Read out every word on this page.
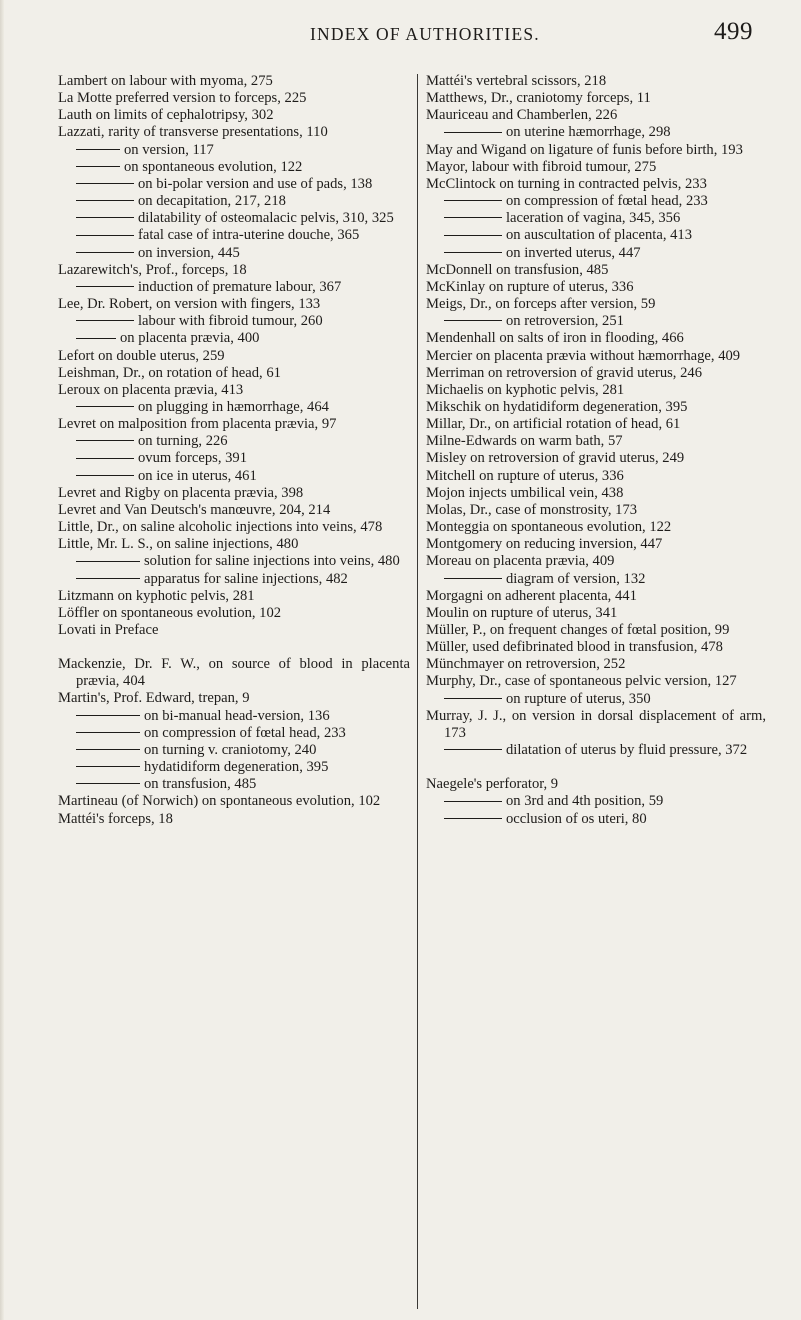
INDEX OF AUTHORITIES.	499
Lambert on labour with myoma, 275
La Motte preferred version to forceps, 225
Lauth on limits of cephalotripsy, 302
Lazzati, rarity of transverse presentations, 110
on version, 117
on spontaneous evolution, 122
on bi-polar version and use of pads, 138
on decapitation, 217, 218
dilatability of osteomalacic pelvis, 310, 325
fatal case of intra-uterine douche, 365
on inversion, 445
Lazarewitch's, Prof., forceps, 18
induction of premature labour, 367
Lee, Dr. Robert, on version with fingers, 133
labour with fibroid tumour, 260
on placenta prævia, 400
Lefort on double uterus, 259
Leishman, Dr., on rotation of head, 61
Leroux on placenta prævia, 413
on plugging in hæmorrhage, 464
Levret on malposition from placenta prævia, 97
on turning, 226
ovum forceps, 391
on ice in uterus, 461
Levret and Rigby on placenta prævia, 398
Levret and Van Deutsch's manœuvre, 204, 214
Little, Dr., on saline alcoholic injections into veins, 478
Little, Mr. L. S., on saline injections, 480
solution for saline injections into veins, 480
apparatus for saline injections, 482
Litzmann on kyphotic pelvis, 281
Löffler on spontaneous evolution, 102
Lovati in Preface
Mackenzie, Dr. F. W., on source of blood in placenta prævia, 404
Martin's, Prof. Edward, trepan, 9
on bi-manual head-version, 136
on compression of fœtal head, 233
on turning v. craniotomy, 240
hydatidiform degeneration, 395
on transfusion, 485
Martineau (of Norwich) on spontaneous evolution, 102
Mattéi's forceps, 18
Mattéi's vertebral scissors, 218
Matthews, Dr., craniotomy forceps, 11
Mauriceau and Chamberlen, 226
on uterine hæmorrhage, 298
May and Wigand on ligature of funis before birth, 193
Mayor, labour with fibroid tumour, 275
McClintock on turning in contracted pelvis, 233
on compression of fœtal head, 233
laceration of vagina, 345, 356
on auscultation of placenta, 413
on inverted uterus, 447
McDonnell on transfusion, 485
McKinlay on rupture of uterus, 336
Meigs, Dr., on forceps after version, 59
on retroversion, 251
Mendenhall on salts of iron in flooding, 466
Mercier on placenta prævia without hæmorrhage, 409
Merriman on retroversion of gravid uterus, 246
Michaelis on kyphotic pelvis, 281
Mikschik on hydatidiform degeneration, 395
Millar, Dr., on artificial rotation of head, 61
Milne-Edwards on warm bath, 57
Misley on retroversion of gravid uterus, 249
Mitchell on rupture of uterus, 336
Mojon injects umbilical vein, 438
Molas, Dr., case of monstrosity, 173
Monteggia on spontaneous evolution, 122
Montgomery on reducing inversion, 447
Moreau on placenta prævia, 409
diagram of version, 132
Morgagni on adherent placenta, 441
Moulin on rupture of uterus, 341
Müller, P., on frequent changes of fœtal position, 99
Müller, used defibrinated blood in transfusion, 478
Münchmayer on retroversion, 252
Murphy, Dr., case of spontaneous pelvic version, 127
on rupture of uterus, 350
Murray, J. J., on version in dorsal displacement of arm, 173
dilatation of uterus by fluid pressure, 372
Naegele's perforator, 9
on 3rd and 4th position, 59
occlusion of os uteri, 80
